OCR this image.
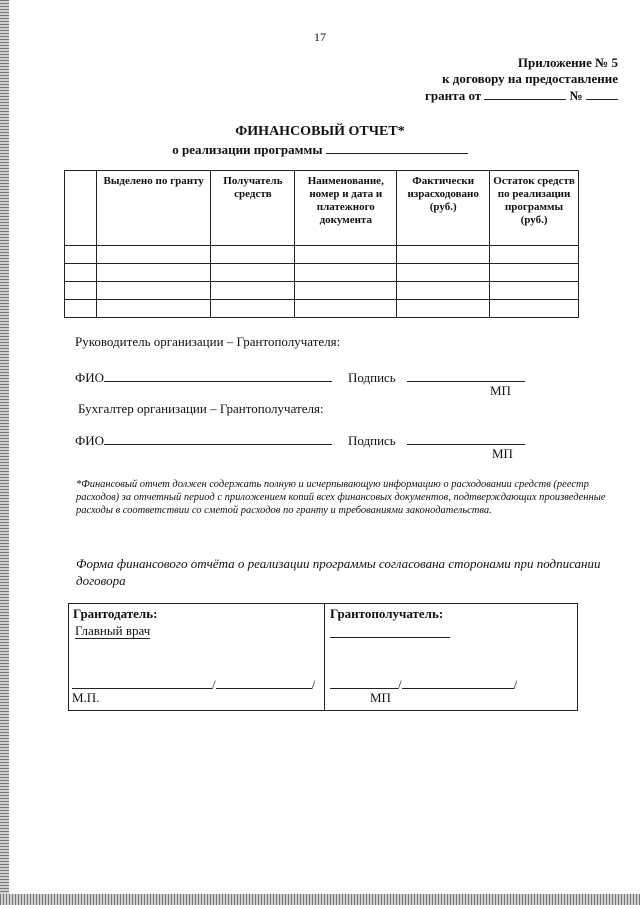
17
Приложение № 5
к договору на предоставление
гранта от	№
ФИНАНСОВЫЙ ОТЧЕТ*
о реализации программы
	Выделено по гранту	Получатель средств	Наименование, номер и дата и платежного документа	Фактически израсходовано (руб.)	Остаток средств по реализации программы (руб.)

Руководитель организации – Грантополучателя:
ФИО	Подпись
МП
Бухгалтер организации – Грантополучателя:
ФИО	Подпись
МП
*Финансовый отчет должен содержать полную и исчерпывающую информацию о расходовании средств (реестр расходов) за отчетный период с приложением копий всех финансовых документов, подтверждающих произведенные расходы в соответствии со сметой расходов по гранту и требованиями законодательства.
Форма финансового отчёта о реализации программы согласована сторонами при подписании договора
Грантодатель:
Главный врач
/	/
М.П.
Грантополучатель:
/	/
МП
